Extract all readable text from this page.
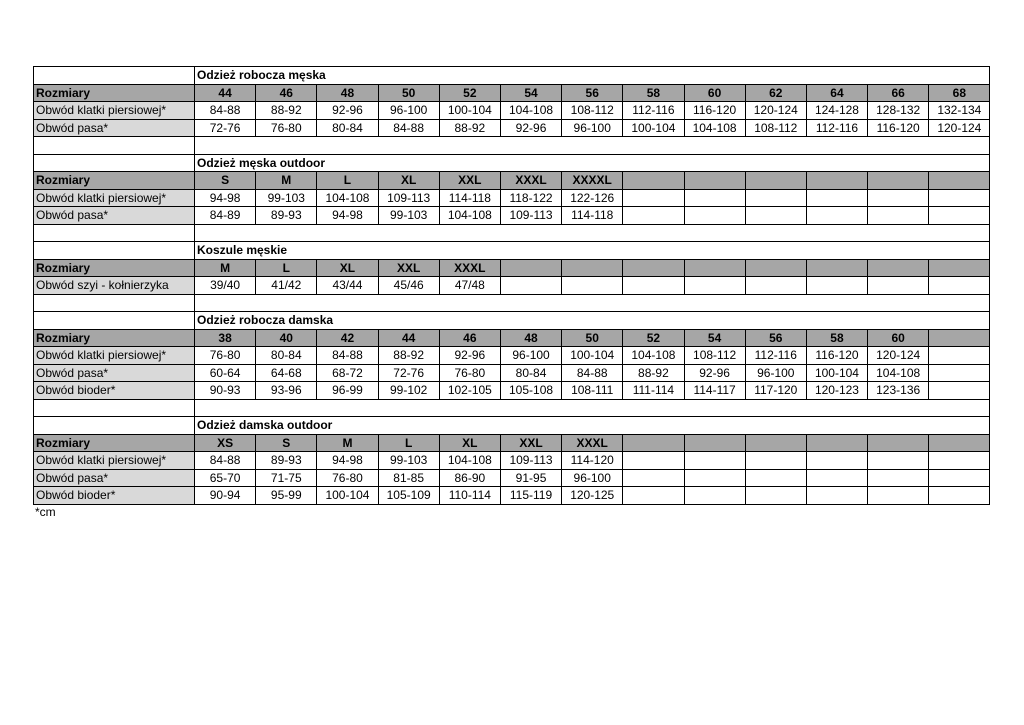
	Odzież robocza męska												
Rozmiary	44	46	48	50	52	54	56	58	60	62	64	66	68
Obwód klatki piersiowej*	84-88	88-92	92-96	96-100	100-104	104-108	108-112	112-116	116-120	120-124	124-128	128-132	132-134
Obwód pasa*	72-76	76-80	80-84	84-88	88-92	92-96	96-100	100-104	104-108	108-112	112-116	116-120	120-124

	Odzież męska outdoor												
Rozmiary	S	M	L	XL	XXL	XXXL	XXXXL						
Obwód klatki piersiowej*	94-98	99-103	104-108	109-113	114-118	118-122	122-126						
Obwód pasa*	84-89	89-93	94-98	99-103	104-108	109-113	114-118						

	Koszule męskie												
Rozmiary	M	L	XL	XXL	XXXL								
Obwód szyi - kołnierzyka	39/40	41/42	43/44	45/46	47/48								

	Odzież robocza damska												
Rozmiary	38	40	42	44	46	48	50	52	54	56	58	60	
Obwód klatki piersiowej*	76-80	80-84	84-88	88-92	92-96	96-100	100-104	104-108	108-112	112-116	116-120	120-124	
Obwód pasa*	60-64	64-68	68-72	72-76	76-80	80-84	84-88	88-92	92-96	96-100	100-104	104-108	
Obwód bioder*	90-93	93-96	96-99	99-102	102-105	105-108	108-111	111-114	114-117	117-120	120-123	123-136	

	Odzież damska outdoor												
Rozmiary	XS	S	M	L	XL	XXL	XXXL						
Obwód klatki piersiowej*	84-88	89-93	94-98	99-103	104-108	109-113	114-120						
Obwód pasa*	65-70	71-75	76-80	81-85	86-90	91-95	96-100						
Obwód bioder*	90-94	95-99	100-104	105-109	110-114	115-119	120-125						
*cm
